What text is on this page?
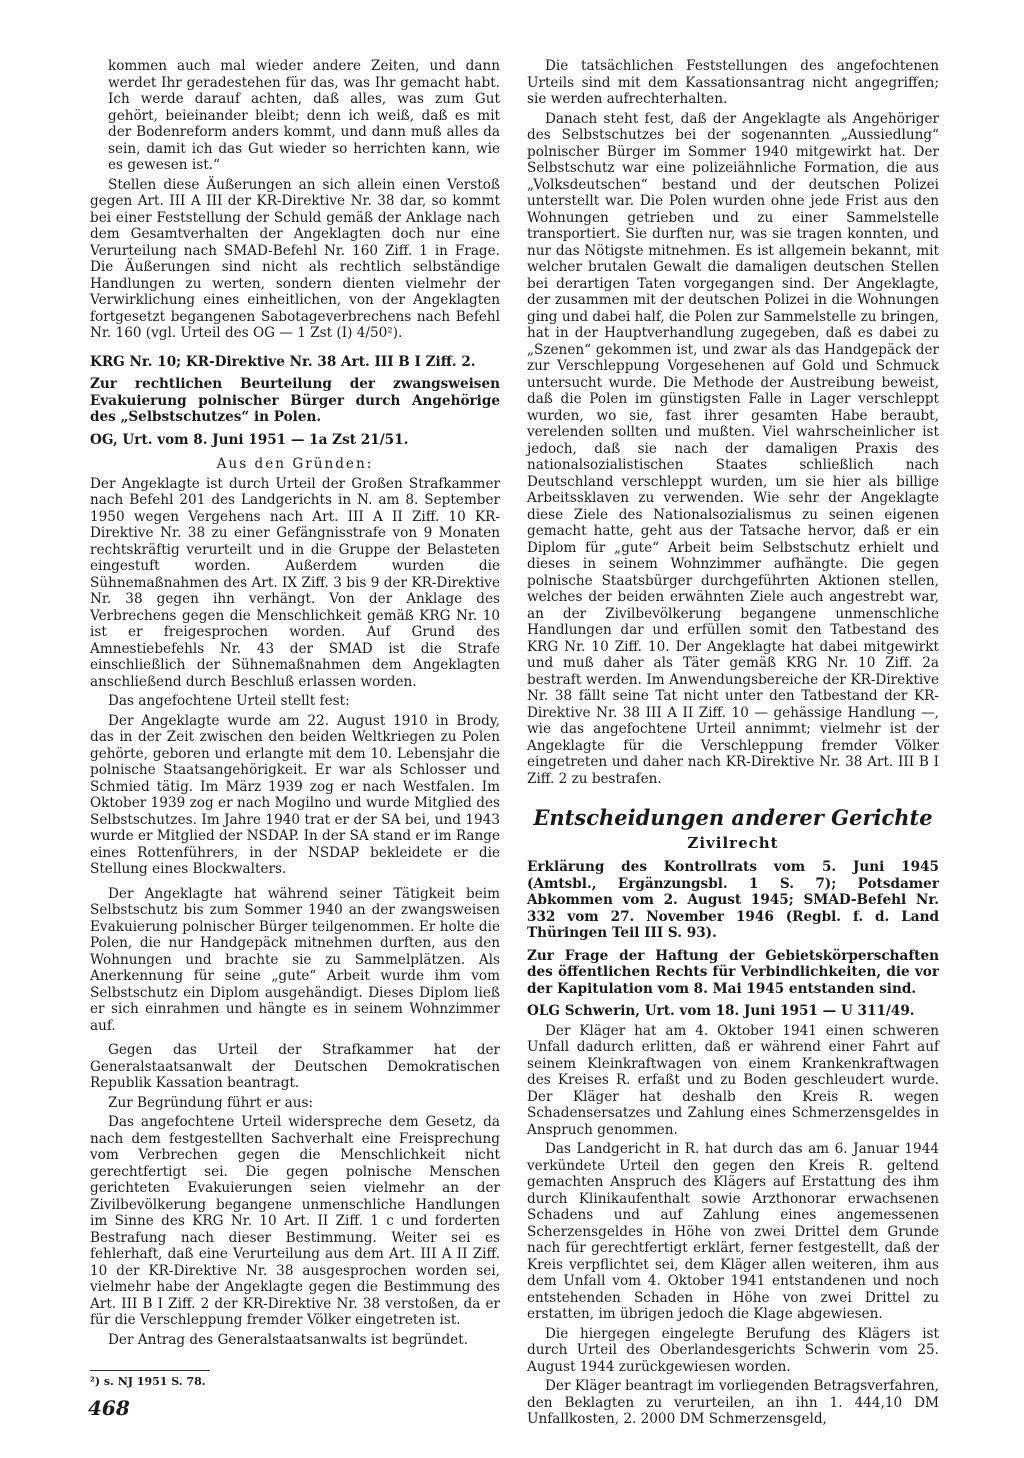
kommen auch mal wieder andere Zeiten, und dann werdet Ihr geradestehen für das, was Ihr gemacht habt. Ich werde darauf achten, daß alles, was zum Gut gehört, beieinander bleibt; denn ich weiß, daß es mit der Bodenreform anders kommt, und dann muß alles da sein, damit ich das Gut wieder so herrichten kann, wie es gewesen ist.“

Stellen diese Äußerungen an sich allein einen Verstoß gegen Art. III A III der KR-Direktive Nr. 38 dar, so kommt bei einer Feststellung der Schuld gemäß der Anklage nach dem Gesamtverhalten der Angeklagten doch nur eine Verurteilung nach SMAD-Befehl Nr. 160 Ziff. 1 in Frage. Die Äußerungen sind nicht als rechtlich selbständige Handlungen zu werten, sondern dienten vielmehr der Verwirklichung eines einheitlichen, von der Angeklagten fortgesetzt begangenen Sabotageverbrechens nach Befehl Nr. 160 (vgl. Urteil des OG — 1 Zst (I) 4/50²).

KRG Nr. 10; KR-Direktive Nr. 38 Art. III B I Ziff. 2.

Zur rechtlichen Beurteilung der zwangsweisen Evakuierung polnischer Bürger durch Angehörige des „Selbstschutzes“ in Polen.

OG, Urt. vom 8. Juni 1951 — 1a Zst 21/51.

Aus den Gründen:

Der Angeklagte ist durch Urteil der Großen Strafkammer nach Befehl 201 des Landgerichts in N. am 8. September 1950 wegen Vergehens nach Art. III A II Ziff. 10 KR-Direktive Nr. 38 zu einer Gefängnisstrafe von 9 Monaten rechtskräftig verurteilt und in die Gruppe der Belasteten eingestuft worden. Außerdem wurden die Sühnemaßnahmen des Art. IX Ziff. 3 bis 9 der KR-Direktive Nr. 38 gegen ihn verhängt. Von der Anklage des Verbrechens gegen die Menschlichkeit gemäß KRG Nr. 10 ist er freigesprochen worden. Auf Grund des Amnestiebefehls Nr. 43 der SMAD ist die Strafe einschließlich der Sühnemaßnahmen dem Angeklagten anschließend durch Beschluß erlassen worden.

Das angefochtene Urteil stellt fest:

Der Angeklagte wurde am 22. August 1910 in Brody, das in der Zeit zwischen den beiden Weltkriegen zu Polen gehörte, geboren und erlangte mit dem 10. Lebensjahr die polnische Staatsangehörigkeit. Er war als Schlosser und Schmied tätig. Im März 1939 zog er nach Westfalen. Im Oktober 1939 zog er nach Mogilno und wurde Mitglied des Selbstschutzes. Im Jahre 1940 trat er der SA bei, und 1943 wurde er Mitglied der NSDAP. In der SA stand er im Range eines Rottenführers, in der NSDAP bekleidete er die Stellung eines Blockwalters.

Der Angeklagte hat während seiner Tätigkeit beim Selbstschutz bis zum Sommer 1940 an der zwangsweisen Evakuierung polnischer Bürger teilgenommen. Er holte die Polen, die nur Handgepäck mitnehmen durften, aus den Wohnungen und brachte sie zu Sammelplätzen. Als Anerkennung für seine „gute“ Arbeit wurde ihm vom Selbstschutz ein Diplom ausgehändigt. Dieses Diplom ließ er sich einrahmen und hängte es in seinem Wohnzimmer auf.

Gegen das Urteil der Strafkammer hat der Generalstaatsanwalt der Deutschen Demokratischen Republik Kassation beantragt.

Zur Begründung führt er aus:

Das angefochtene Urteil widerspreche dem Gesetz, da nach dem festgestellten Sachverhalt eine Freisprechung vom Verbrechen gegen die Menschlichkeit nicht gerechtfertigt sei. Die gegen polnische Menschen gerichteten Evakuierungen seien vielmehr an der Zivilbevölkerung begangene unmenschliche Handlungen im Sinne des KRG Nr. 10 Art. II Ziff. 1 c und forderten Bestrafung nach dieser Bestimmung. Weiter sei es fehlerhaft, daß eine Verurteilung aus dem Art. III A II Ziff. 10 der KR-Direktive Nr. 38 ausgesprochen worden sei, vielmehr habe der Angeklagte gegen die Bestimmung des Art. III B I Ziff. 2 der KR-Direktive Nr. 38 verstoßen, da er für die Verschleppung fremder Völker eingetreten ist.

Der Antrag des Generalstaatsanwalts ist begründet.

Die tatsächlichen Feststellungen des angefochtenen Urteils sind mit dem Kassationsantrag nicht angegriffen; sie werden aufrechterhalten.

Danach steht fest, daß der Angeklagte als Angehöriger des Selbstschutzes bei der sogenannten „Aussiedlung“ polnischer Bürger im Sommer 1940 mitgewirkt hat. Der Selbstschutz war eine polizeiähnliche Formation, die aus „Volksdeutschen“ bestand und der deutschen Polizei unterstellt war. Die Polen wurden ohne jede Frist aus den Wohnungen getrieben und zu einer Sammelstelle transportiert. Sie durften nur, was sie tragen konnten, und nur das Nötigste mitnehmen. Es ist allgemein bekannt, mit welcher brutalen Gewalt die damaligen deutschen Stellen bei derartigen Taten vorgegangen sind. Der Angeklagte, der zusammen mit der deutschen Polizei in die Wohnungen ging und dabei half, die Polen zur Sammelstelle zu bringen, hat in der Hauptverhandlung zugegeben, daß es dabei zu „Szenen“ gekommen ist, und zwar als das Handgepäck der zur Verschleppung Vorgesehenen auf Gold und Schmuck untersucht wurde. Die Methode der Austreibung beweist, daß die Polen im günstigsten Falle in Lager verschleppt wurden, wo sie, fast ihrer gesamten Habe beraubt, verelenden sollten und mußten. Viel wahrscheinlicher ist jedoch, daß sie nach der damaligen Praxis des nationalsozialistischen Staates schließlich nach Deutschland verschleppt wurden, um sie hier als billige Arbeitssklaven zu verwenden. Wie sehr der Angeklagte diese Ziele des Nationalsozialismus zu seinen eigenen gemacht hatte, geht aus der Tatsache hervor, daß er ein Diplom für „gute“ Arbeit beim Selbstschutz erhielt und dieses in seinem Wohnzimmer aufhängte. Die gegen polnische Staatsbürger durchgeführten Aktionen stellen, welches der beiden erwähnten Ziele auch angestrebt war, an der Zivilbevölkerung begangene unmenschliche Handlungen dar und erfüllen somit den Tatbestand des KRG Nr. 10 Ziff. 10. Der Angeklagte hat dabei mitgewirkt und muß daher als Täter gemäß KRG Nr. 10 Ziff. 2a bestraft werden. Im Anwendungsbereiche der KR-Direktive Nr. 38 fällt seine Tat nicht unter den Tatbestand der KR-Direktive Nr. 38 III A II Ziff. 10 — gehässige Handlung —, wie das angefochtene Urteil annimmt; vielmehr ist der Angeklagte für die Verschleppung fremder Völker eingetreten und daher nach KR-Direktive Nr. 38 Art. III B I Ziff. 2 zu bestrafen.

Entscheidungen anderer Gerichte

Zivilrecht

Erklärung des Kontrollrats vom 5. Juni 1945 (Amtsbl., Ergänzungsbl. 1 S. 7); Potsdamer Abkommen vom 2. August 1945; SMAD-Befehl Nr. 332 vom 27. November 1946 (Regbl. f. d. Land Thüringen Teil III S. 93).

Zur Frage der Haftung der Gebietskörperschaften des öffentlichen Rechts für Verbindlichkeiten, die vor der Kapitulation vom 8. Mai 1945 entstanden sind.

OLG Schwerin, Urt. vom 18. Juni 1951 — U 311/49.

Der Kläger hat am 4. Oktober 1941 einen schweren Unfall dadurch erlitten, daß er während einer Fahrt auf seinem Kleinkraftwagen von einem Krankenkraftwagen des Kreises R. erfaßt und zu Boden geschleudert wurde. Der Kläger hat deshalb den Kreis R. wegen Schadensersatzes und Zahlung eines Schmerzensgeldes in Anspruch genommen.

Das Landgericht in R. hat durch das am 6. Januar 1944 verkündete Urteil den gegen den Kreis R. geltend gemachten Anspruch des Klägers auf Erstattung des ihm durch Klinikaufenthalt sowie Arzthonorar erwachsenen Schadens und auf Zahlung eines angemessenen Scherzensgeldes in Höhe von zwei Drittel dem Grunde nach für gerechtfertigt erklärt, ferner festgestellt, daß der Kreis verpflichtet sei, dem Kläger allen weiteren, ihm aus dem Unfall vom 4. Oktober 1941 entstandenen und noch entstehenden Schaden in Höhe von zwei Drittel zu erstatten, im übrigen jedoch die Klage abgewiesen.

Die hiergegen eingelegte Berufung des Klägers ist durch Urteil des Oberlandesgerichts Schwerin vom 25. August 1944 zurückgewiesen worden.

Der Kläger beantragt im vorliegenden Betragsverfahren, den Beklagten zu verurteilen, an ihn 1. 444,10 DM Unfallkosten, 2. 2000 DM Schmerzensgeld,

²) s. NJ 1951 S. 78.
468
